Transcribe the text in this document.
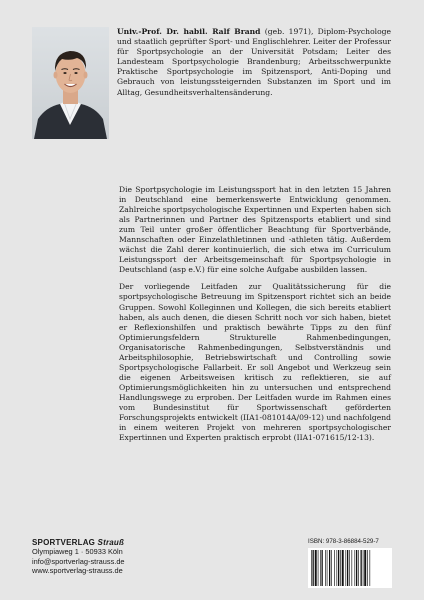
Univ.-Prof. Dr. habil. Ralf Brand (geb. 1971), Diplom-Psychologe und staatlich geprüfter Sport- und Englischlehrer. Leiter der Professur für Sportpsychologie an der Universität Potsdam; Leiter des Landesteam Sportpsychologie Brandenburg; Arbeitsschwerpunkte Praktische Sportpsychologie im Spitzensport, Anti-Doping und Gebrauch von leistungssteigernden Substanzen im Sport und im Alltag, Gesundheitsverhaltensänderung.

Die Sportpsychologie im Leistungssport hat in den letzten 15 Jahren in Deutschland eine bemerkenswerte Entwicklung genommen. Zahlreiche sportpsychologische Expertinnen und Experten haben sich als Partnerinnen und Partner des Spitzensports etabliert und sind zum Teil unter großer öffentlicher Beachtung für Sportverbände, Mannschaften oder Einzelathletinnen und -athleten tätig. Außerdem wächst die Zahl derer kontinuierlich, die sich etwa im Curriculum Leistungssport der Arbeitsgemeinschaft für Sportpsychologie in Deutschland (asp e.V.) für eine solche Aufgabe ausbilden lassen.

Der vorliegende Leitfaden zur Qualitätssicherung für die sportpsychologische Betreuung im Spitzensport richtet sich an beide Gruppen. Sowohl Kolleginnen und Kollegen, die sich bereits etabliert haben, als auch denen, die diesen Schritt noch vor sich haben, bietet er Reflexionshilfen und praktisch bewährte Tipps zu den fünf Optimierungsfeldern Strukturelle Rahmenbedingungen, Organisatorische Rahmenbedingungen, Selbstverständnis und Arbeitsphilosophie, Betriebswirtschaft und Controlling sowie Sportpsychologische Fallarbeit. Er soll Angebot und Werkzeug sein die eigenen Arbeitsweisen kritisch zu reflektieren, sie auf Optimierungsmöglichkeiten hin zu untersuchen und entsprechend Handlungswege zu erproben. Der Leitfaden wurde im Rahmen eines vom Bundesinstitut für Sportwissenschaft geförderten Forschungsprojekts entwickelt (IIA1-081014A/09-12) und nachfolgend in einem weiteren Projekt von mehreren sportpsychologischer Expertinnen und Experten praktisch erprobt (IIA1-071615/12-13).

SPORTVERLAG Strauß
Olympiaweg 1 · 50933 Köln
info@sportverlag-strauss.de
www.sportverlag-strauss.de
ISBN: 978-3-86884-529-7
